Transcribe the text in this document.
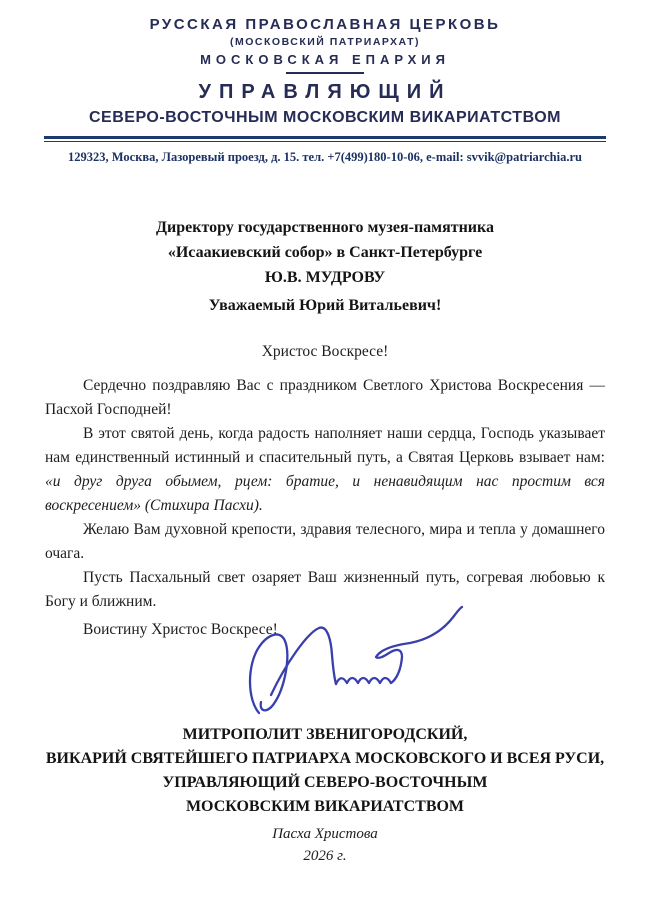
РУССКАЯ ПРАВОСЛАВНАЯ ЦЕРКОВЬ
(МОСКОВСКИЙ ПАТРИАРХАТ)
МОСКОВСКАЯ ЕПАРХИЯ
УПРАВЛЯЮЩИЙ
СЕВЕРО-ВОСТОЧНЫМ МОСКОВСКИМ ВИКАРИАТСТВОМ
129323, Москва, Лазоревый проезд, д. 15. тел. +7(499)180-10-06, e-mail: svvik@patriarchia.ru
Директору государственного музея-памятника
«Исаакиевский собор» в Санкт-Петербурге
Ю.В. МУДРОВУ
Уважаемый Юрий Витальевич!
Христос Воскресе!

Сердечно поздравляю Вас с праздником Светлого Христова Воскресения — Пасхой Господней!

В этот святой день, когда радость наполняет наши сердца, Господь указывает нам единственный истинный и спасительный путь, а Святая Церковь взывает нам: «и друг друга обымем, рцем: братие, и ненавидящим нас простим вся воскресением» (Стихира Пасхи).

Желаю Вам духовной крепости, здравия телесного, мира и тепла у домашнего очага.

Пусть Пасхальный свет озаряет Ваш жизненный путь, согревая любовью к Богу и ближним.

Воистину Христос Воскресе!
МИТРОПОЛИТ ЗВЕНИГОРОДСКИЙ,
ВИКАРИЙ СВЯТЕЙШЕГО ПАТРИАРХА МОСКОВСКОГО И ВСЕЯ РУСИ,
УПРАВЛЯЮЩИЙ СЕВЕРО-ВОСТОЧНЫМ
МОСКОВСКИМ ВИКАРИАТСТВОМ
Пасха Христова
2026 г.
